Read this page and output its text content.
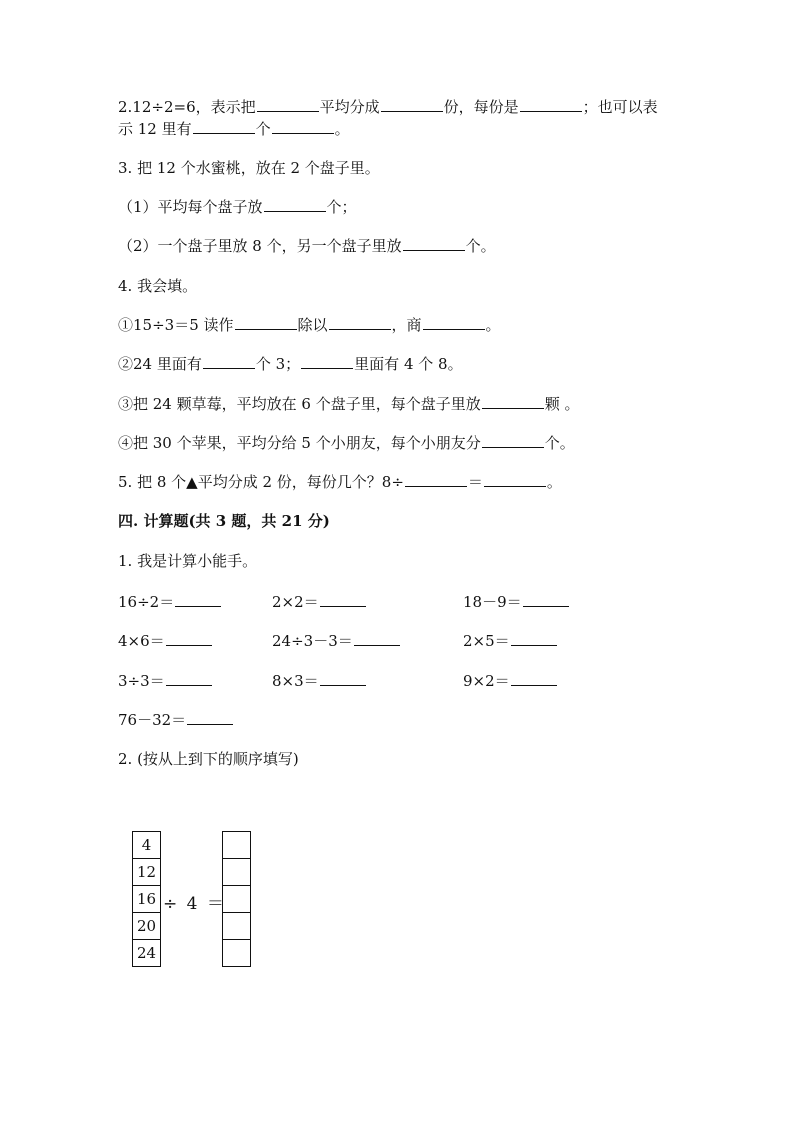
2.12÷2=6，表示把	平均分成	份，每份是	；也可以表
示 12 里有	个	。
3. 把 12 个水蜜桃，放在 2 个盘子里。
（1）平均每个盘子放	个；
（2）一个盘子里放 8 个，另一个盘子里放	个。
4. 我会填。
①15÷3＝5 读作	除以	，商	。
②24 里面有	个 3；	里面有 4 个 8。
③把 24 颗草莓，平均放在 6 个盘子里，每个盘子里放	颗 。
④把 30 个苹果，平均分给 5 个小朋友，每个小朋友分	个。
5. 把 8 个▲平均分成 2 份，每份几个？8÷	＝	。
四. 计算题(共 3 题，共 21 分)
1. 我是计算小能手。
16÷2＝	2×2＝	18－9＝
4×6＝	24÷3－3＝	2×5＝
3÷3＝	8×3＝	9×2＝
76－32＝
2. (按从上到下的顺序填写)
4
12
16
20
24
÷ 4 ＝
